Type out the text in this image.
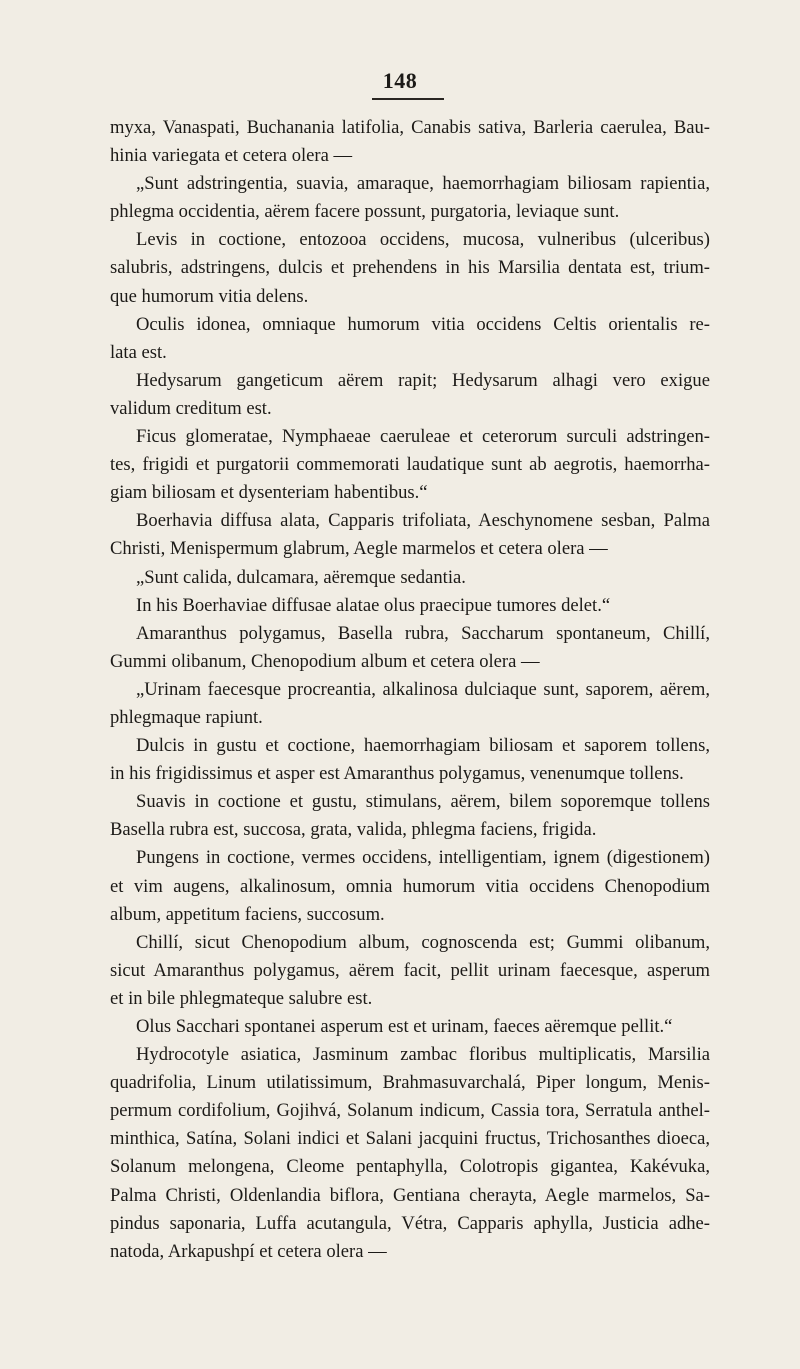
148
myxa, Vanaspati, Buchanania latifolia, Canabis sativa, Barleria caerulea, Bau-
hinia variegata et cetera olera —
„Sunt adstringentia, suavia, amaraque, haemorrhagiam biliosam rapientia,
phlegma occidentia, aërem facere possunt, purgatoria, leviaque sunt.
Levis in coctione, entozooa occidens, mucosa, vulneribus (ulceribus)
salubris, adstringens, dulcis et prehendens in his Marsilia dentata est, trium-
que humorum vitia delens.
Oculis idonea, omniaque humorum vitia occidens Celtis orientalis re-
lata est.
Hedysarum gangeticum aërem rapit; Hedysarum alhagi vero exigue
validum creditum est.
Ficus glomeratae, Nymphaeae caeruleae et ceterorum surculi adstringen-
tes, frigidi et purgatorii commemorati laudatique sunt ab aegrotis, haemorrha-
giam biliosam et dysenteriam habentibus.“
Boerhavia diffusa alata, Capparis trifoliata, Aeschynomene sesban, Palma
Christi, Menispermum glabrum, Aegle marmelos et cetera olera —
„Sunt calida, dulcamara, aëremque sedantia.
In his Boerhaviae diffusae alatae olus praecipue tumores delet.“
Amaranthus polygamus, Basella rubra, Saccharum spontaneum, Chillí,
Gummi olibanum, Chenopodium album et cetera olera —
„Urinam faecesque procreantia, alkalinosa dulciaque sunt, saporem, aërem,
phlegmaque rapiunt.
Dulcis in gustu et coctione, haemorrhagiam biliosam et saporem tollens,
in his frigidissimus et asper est Amaranthus polygamus, venenumque tollens.
Suavis in coctione et gustu, stimulans, aërem, bilem soporemque tollens
Basella rubra est, succosa, grata, valida, phlegma faciens, frigida.
Pungens in coctione, vermes occidens, intelligentiam, ignem (digestionem)
et vim augens, alkalinosum, omnia humorum vitia occidens Chenopodium
album, appetitum faciens, succosum.
Chillí, sicut Chenopodium album, cognoscenda est; Gummi olibanum,
sicut Amaranthus polygamus, aërem facit, pellit urinam faecesque, asperum
et in bile phlegmateque salubre est.
Olus Sacchari spontanei asperum est et urinam, faeces aëremque pellit.“
Hydrocotyle asiatica, Jasminum zambac floribus multiplicatis, Marsilia
quadrifolia, Linum utilatissimum, Brahmasuvarchalá, Piper longum, Menis-
permum cordifolium, Gojihvá, Solanum indicum, Cassia tora, Serratula anthel-
minthica, Satína, Solani indici et Salani jacquini fructus, Trichosanthes dioeca,
Solanum melongena, Cleome pentaphylla, Colotropis gigantea, Kakévuka,
Palma Christi, Oldenlandia biflora, Gentiana cherayta, Aegle marmelos, Sa-
pindus saponaria, Luffa acutangula, Vétra, Capparis aphylla, Justicia adhe-
natoda, Arkapushpí et cetera olera —
